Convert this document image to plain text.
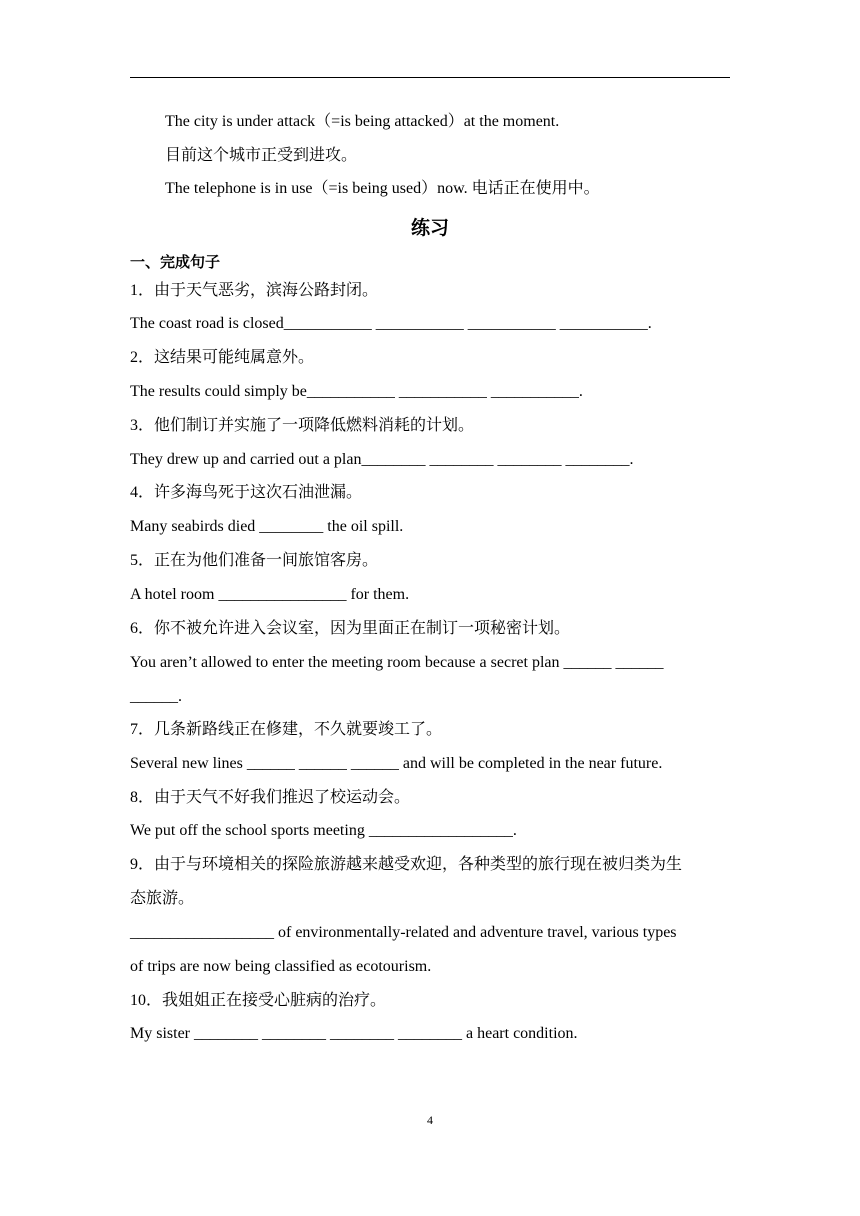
The city is under attack（=is being attacked）at the moment.
目前这个城市正受到进攻。
The telephone is in use（=is being used）now. 电话正在使用中。
练习
一、完成句子
1．由于天气恶劣，滨海公路封闭。
The coast road is closed___________ ___________ ___________ ___________.
2．这结果可能纯属意外。
The results could simply be___________ ___________ ___________.
3．他们制订并实施了一项降低燃料消耗的计划。
They drew up and carried out a plan________ ________ ________ ________.
4．许多海鸟死于这次石油泄漏。
Many seabirds died ________ the oil spill.
5．正在为他们准备一间旅馆客房。
A hotel room ________________ for them.
6．你不被允许进入会议室，因为里面正在制订一项秘密计划。
You aren’t allowed to enter the meeting room because a secret plan ______ ______
______.
7．几条新路线正在修建，不久就要竣工了。
Several new lines ______ ______ ______ and will be completed in the near future.
8．由于天气不好我们推迟了校运动会。
We put off the school sports meeting __________________.
9．由于与环境相关的探险旅游越来越受欢迎，各种类型的旅行现在被归类为生
态旅游。
__________________ of environmentally-related and adventure travel, various types
of trips are now being classified as ecotourism.
10．我姐姐正在接受心脏病的治疗。
My sister ________ ________ ________ ________ a heart condition.
4
